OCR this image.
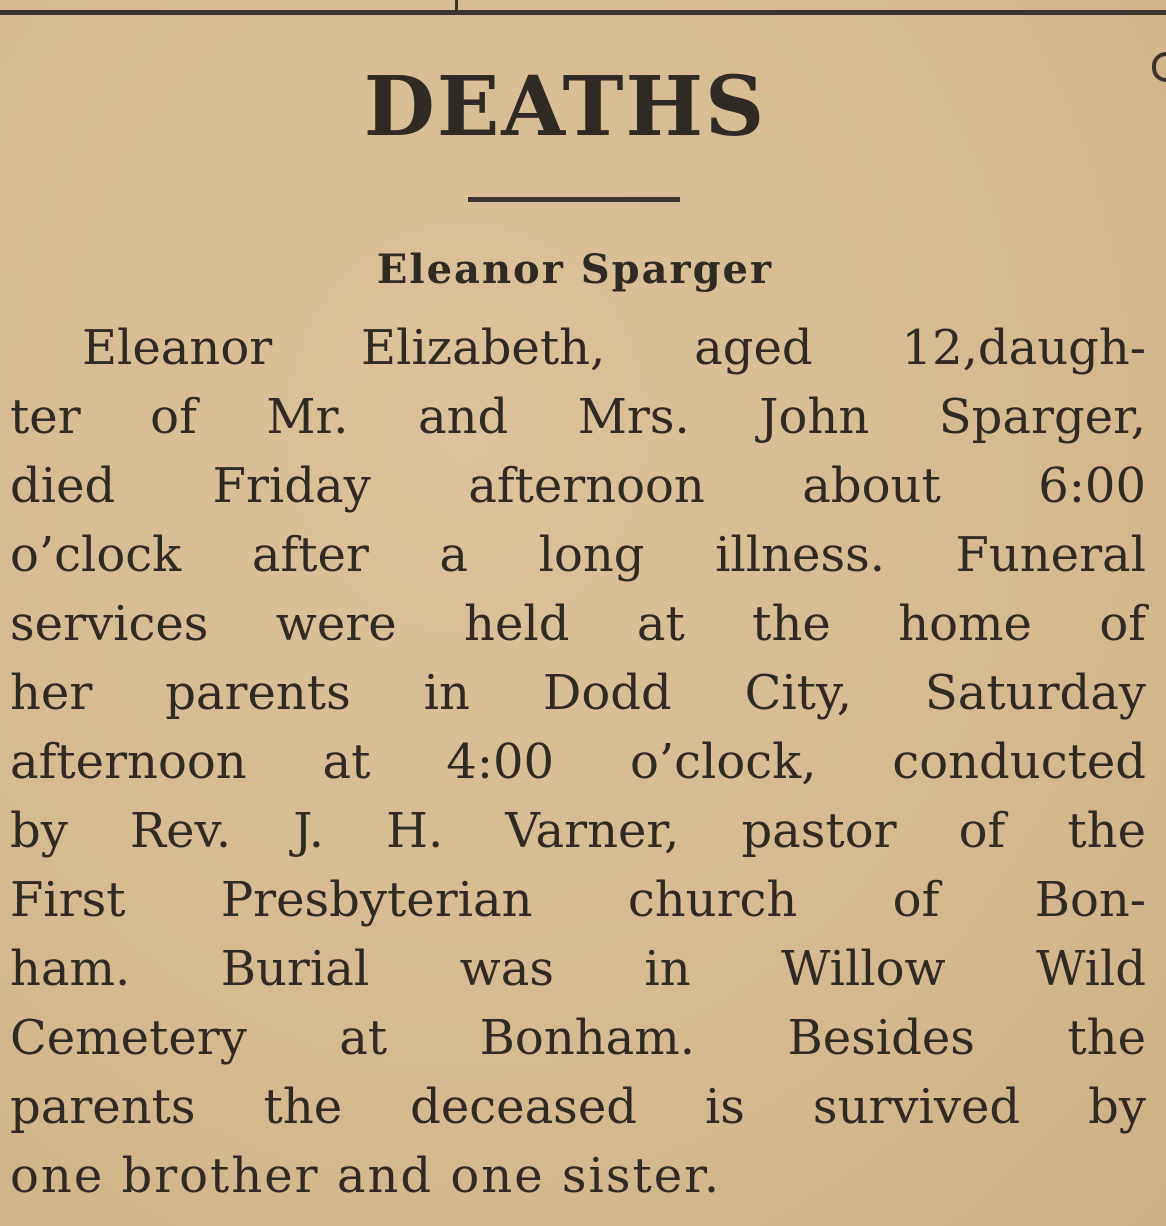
DEATHS
Eleanor Sparger
Eleanor Elizabeth, aged 12,daugh-
ter of Mr. and Mrs. John Sparger,
died Friday afternoon about 6:00
o’clock after a long illness. Funeral
services were held at the home of
her parents in Dodd City, Saturday
afternoon at 4:00 o’clock, conducted
by Rev. J. H. Varner, pastor of the
First Presbyterian church of Bon-
ham. Burial was in Willow Wild
Cemetery at Bonham. Besides the
parents the deceased is survived by
one brother and one sister.
